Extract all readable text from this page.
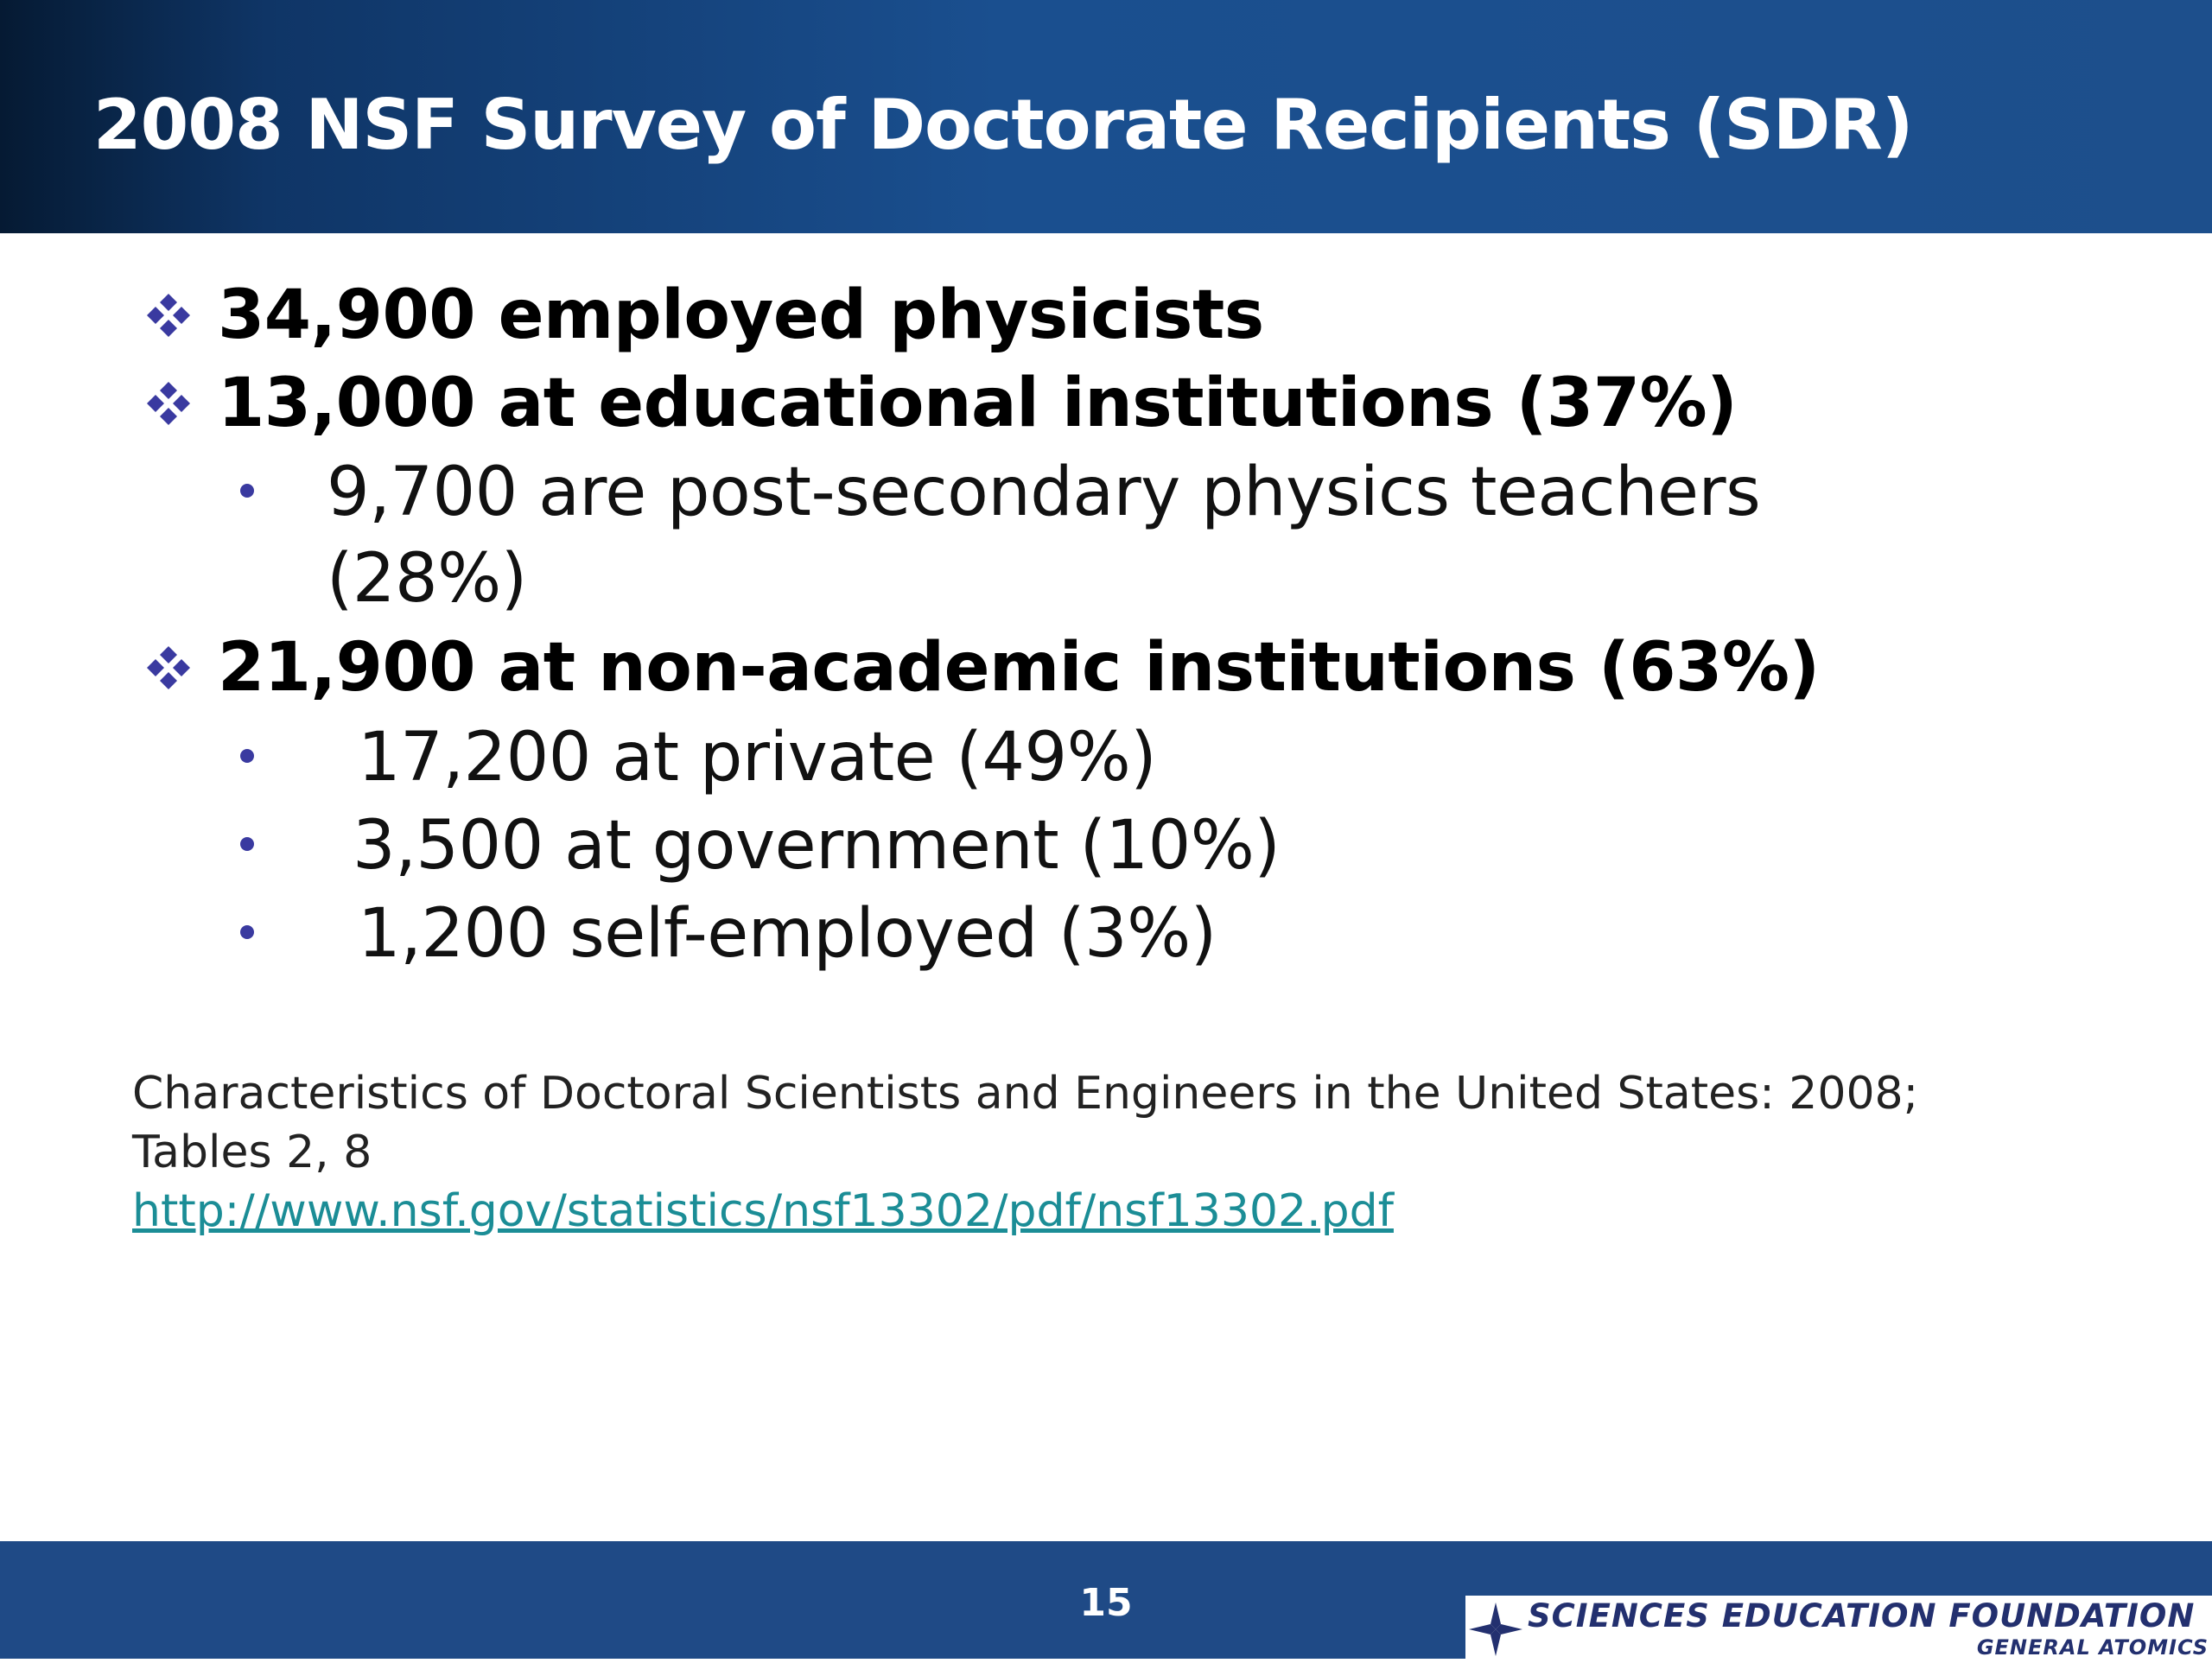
2008 NSF Survey of Doctorate Recipients (SDR)
34,900 employed physicists
13,000 at educational institutions (37%)
9,700 are post-secondary physics teachers
(28%)
21,900 at non-academic institutions (63%)
17,200 at private (49%)
3,500 at government (10%)
1,200 self-employed (3%)
Characteristics of Doctoral Scientists and Engineers in the United States: 2008; Tables 2, 8
http://www.nsf.gov/statistics/nsf13302/pdf/nsf13302.pdf
15	SCIENCES EDUCATION FOUNDATION
GENERAL ATOMICS
